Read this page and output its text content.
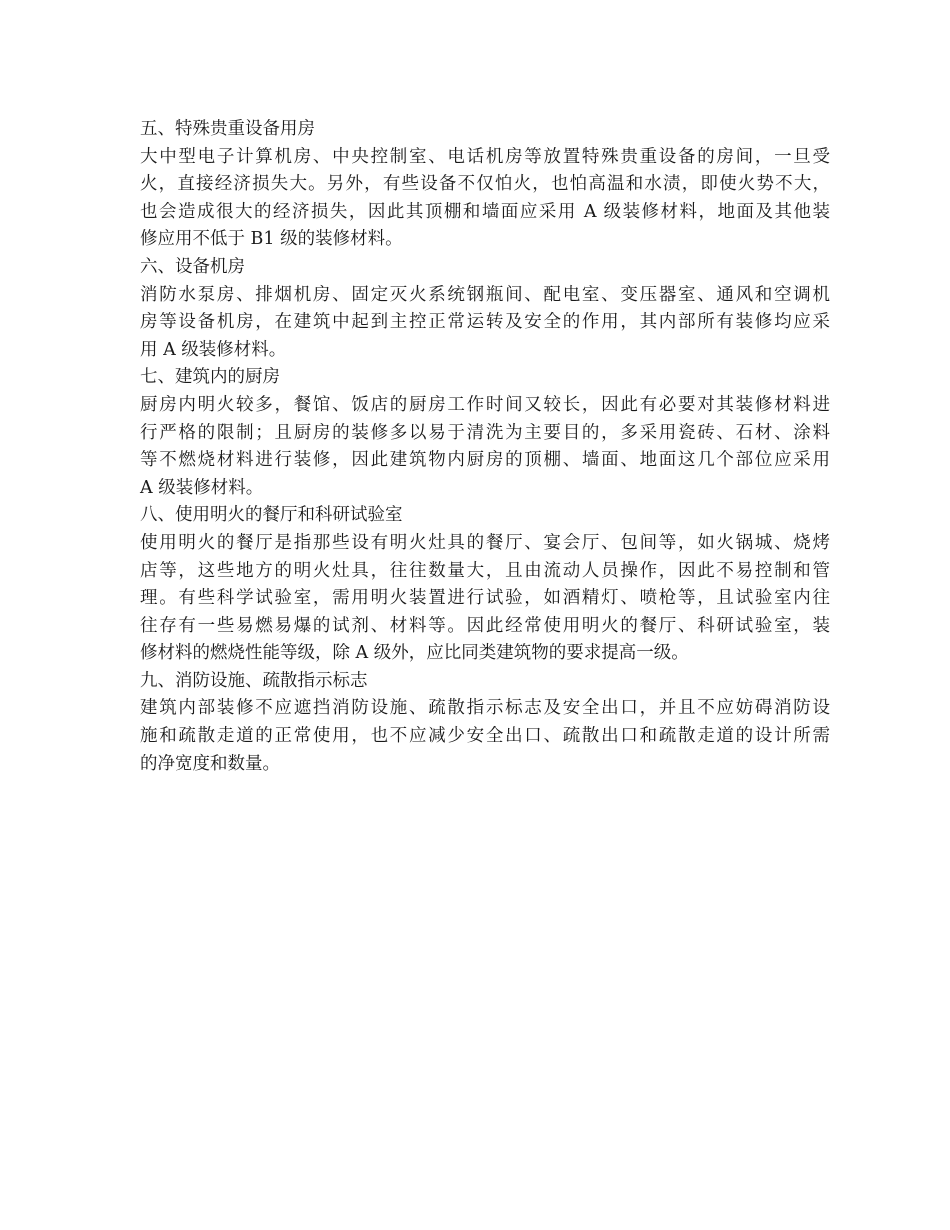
五、特殊贵重设备用房
大中型电子计算机房、中央控制室、电话机房等放置特殊贵重设备的房间，一旦受
火，直接经济损失大。另外，有些设备不仅怕火，也怕高温和水渍，即使火势不大，
也会造成很大的经济损失，因此其顶棚和墙面应采用 A 级装修材料，地面及其他装
修应用不低于 B1 级的装修材料。
六、设备机房
消防水泵房、排烟机房、固定灭火系统钢瓶间、配电室、变压器室、通风和空调机
房等设备机房，在建筑中起到主控正常运转及安全的作用，其内部所有装修均应采
用 A 级装修材料。
七、建筑内的厨房
厨房内明火较多，餐馆、饭店的厨房工作时间又较长，因此有必要对其装修材料进
行严格的限制；且厨房的装修多以易于清洗为主要目的，多采用瓷砖、石材、涂料
等不燃烧材料进行装修，因此建筑物内厨房的顶棚、墙面、地面这几个部位应采用
A 级装修材料。
八、使用明火的餐厅和科研试验室
使用明火的餐厅是指那些设有明火灶具的餐厅、宴会厅、包间等，如火锅城、烧烤
店等，这些地方的明火灶具，往往数量大，且由流动人员操作，因此不易控制和管
理。有些科学试验室，需用明火装置进行试验，如酒精灯、喷枪等，且试验室内往
往存有一些易燃易爆的试剂、材料等。因此经常使用明火的餐厅、科研试验室，装
修材料的燃烧性能等级，除 A 级外，应比同类建筑物的要求提高一级。
九、消防设施、疏散指示标志
建筑内部装修不应遮挡消防设施、疏散指示标志及安全出口，并且不应妨碍消防设
施和疏散走道的正常使用，也不应减少安全出口、疏散出口和疏散走道的设计所需
的净宽度和数量。
